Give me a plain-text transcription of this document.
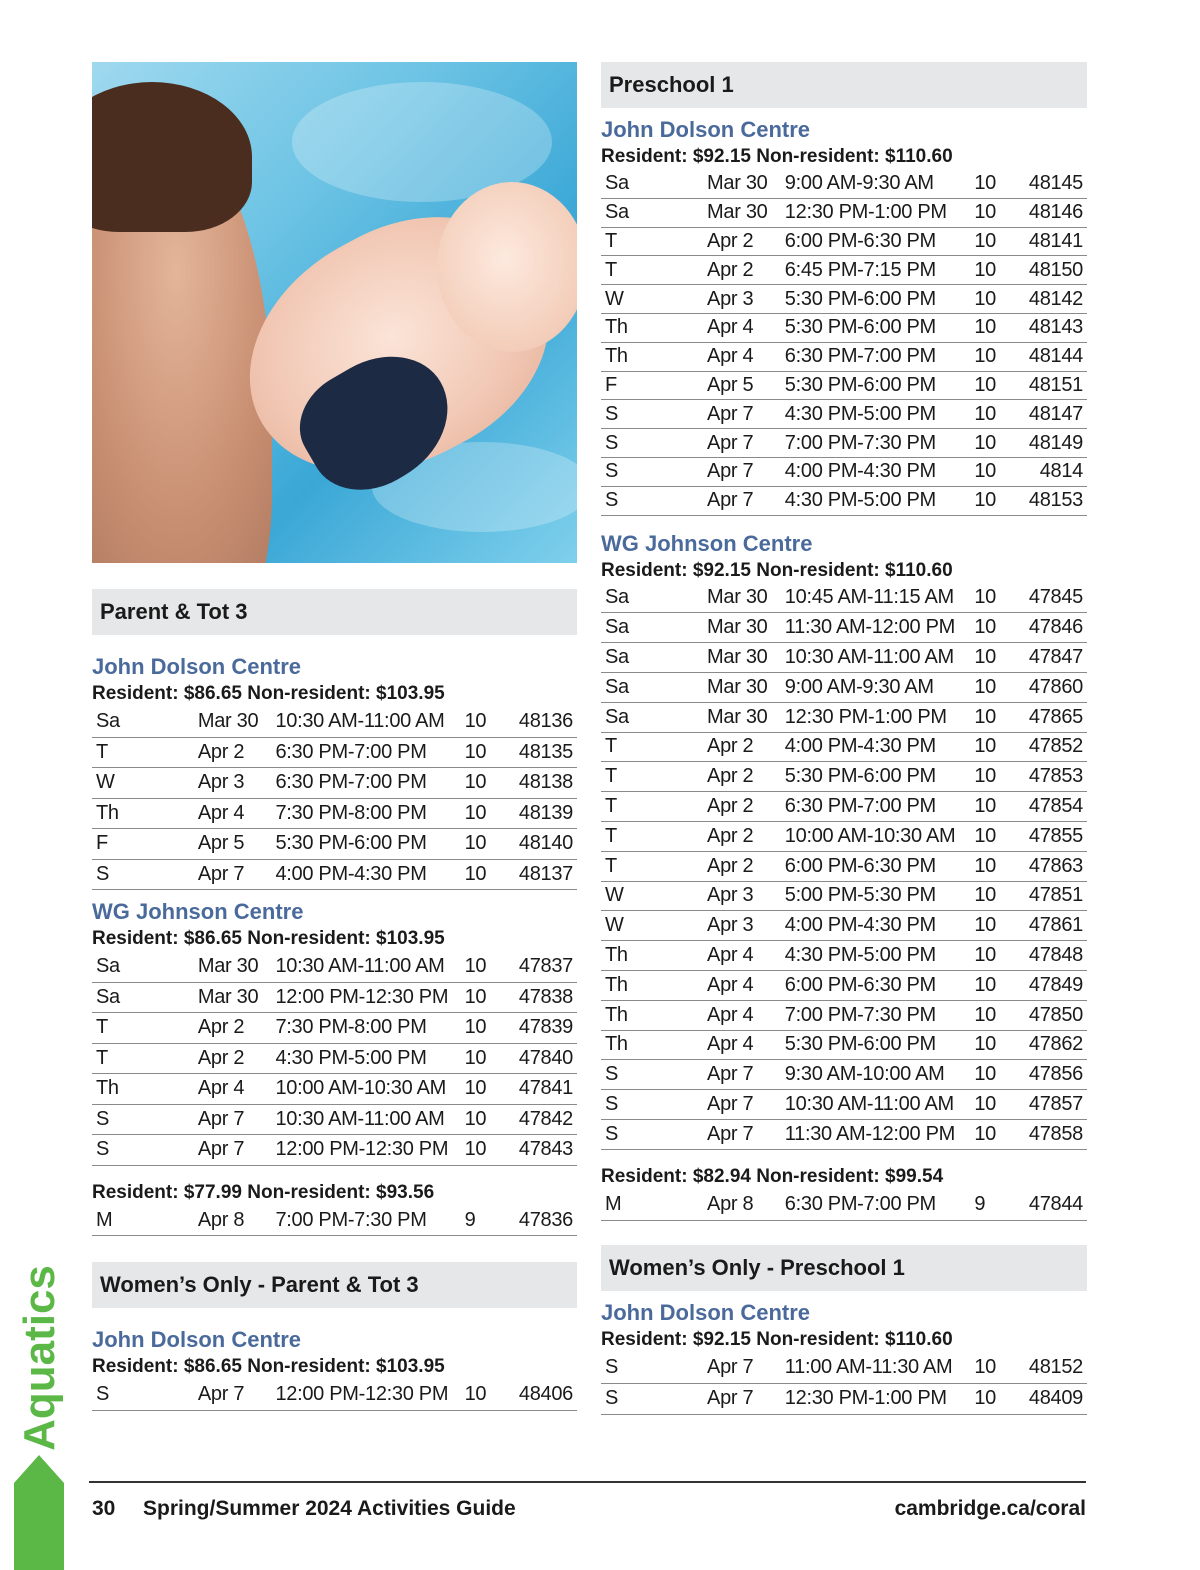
Parent & Tot 3
John Dolson Centre
Resident: $86.65 Non-resident: $103.95
Sa	Mar 30	10:30 AM-11:00 AM	10	48136
T	Apr 2	6:30 PM-7:00 PM	10	48135
W	Apr 3	6:30 PM-7:00 PM	10	48138
Th	Apr 4	7:30 PM-8:00 PM	10	48139
F	Apr 5	5:30 PM-6:00 PM	10	48140
S	Apr 7	4:00 PM-4:30 PM	10	48137
WG Johnson Centre
Resident: $86.65 Non-resident: $103.95
Sa	Mar 30	10:30 AM-11:00 AM	10	47837
Sa	Mar 30	12:00 PM-12:30 PM	10	47838
T	Apr 2	7:30 PM-8:00 PM	10	47839
T	Apr 2	4:30 PM-5:00 PM	10	47840
Th	Apr 4	10:00 AM-10:30 AM	10	47841
S	Apr 7	10:30 AM-11:00 AM	10	47842
S	Apr 7	12:00 PM-12:30 PM	10	47843
Resident: $77.99 Non-resident: $93.56
M	Apr 8	7:00 PM-7:30 PM	9	47836
Women’s Only - Parent & Tot 3
John Dolson Centre
Resident: $86.65 Non-resident: $103.95
S	Apr 7	12:00 PM-12:30 PM	10	48406
Preschool 1
John Dolson Centre
Resident: $92.15 Non-resident: $110.60
Sa	Mar 30	9:00 AM-9:30 AM	10	48145
Sa	Mar 30	12:30 PM-1:00 PM	10	48146
T	Apr 2	6:00 PM-6:30 PM	10	48141
T	Apr 2	6:45 PM-7:15 PM	10	48150
W	Apr 3	5:30 PM-6:00 PM	10	48142
Th	Apr 4	5:30 PM-6:00 PM	10	48143
Th	Apr 4	6:30 PM-7:00 PM	10	48144
F	Apr 5	5:30 PM-6:00 PM	10	48151
S	Apr 7	4:30 PM-5:00 PM	10	48147
S	Apr 7	7:00 PM-7:30 PM	10	48149
S	Apr 7	4:00 PM-4:30 PM	10	4814
S	Apr 7	4:30 PM-5:00 PM	10	48153
WG Johnson Centre
Resident: $92.15 Non-resident: $110.60
Sa	Mar 30	10:45 AM-11:15 AM	10	47845
Sa	Mar 30	11:30 AM-12:00 PM	10	47846
Sa	Mar 30	10:30 AM-11:00 AM	10	47847
Sa	Mar 30	9:00 AM-9:30 AM	10	47860
Sa	Mar 30	12:30 PM-1:00 PM	10	47865
T	Apr 2	4:00 PM-4:30 PM	10	47852
T	Apr 2	5:30 PM-6:00 PM	10	47853
T	Apr 2	6:30 PM-7:00 PM	10	47854
T	Apr 2	10:00 AM-10:30 AM	10	47855
T	Apr 2	6:00 PM-6:30 PM	10	47863
W	Apr 3	5:00 PM-5:30 PM	10	47851
W	Apr 3	4:00 PM-4:30 PM	10	47861
Th	Apr 4	4:30 PM-5:00 PM	10	47848
Th	Apr 4	6:00 PM-6:30 PM	10	47849
Th	Apr 4	7:00 PM-7:30 PM	10	47850
Th	Apr 4	5:30 PM-6:00 PM	10	47862
S	Apr 7	9:30 AM-10:00 AM	10	47856
S	Apr 7	10:30 AM-11:00 AM	10	47857
S	Apr 7	11:30 AM-12:00 PM	10	47858
Resident: $82.94 Non-resident: $99.54
M	Apr 8	6:30 PM-7:00 PM	9	47844
Women’s Only - Preschool 1
John Dolson Centre
Resident: $92.15 Non-resident: $110.60
S	Apr 7	11:00 AM-11:30 AM	10	48152
S	Apr 7	12:30 PM-1:00 PM	10	48409
Aquatics
30 Spring/Summer 2024 Activities Guide	cambridge.ca/coral
